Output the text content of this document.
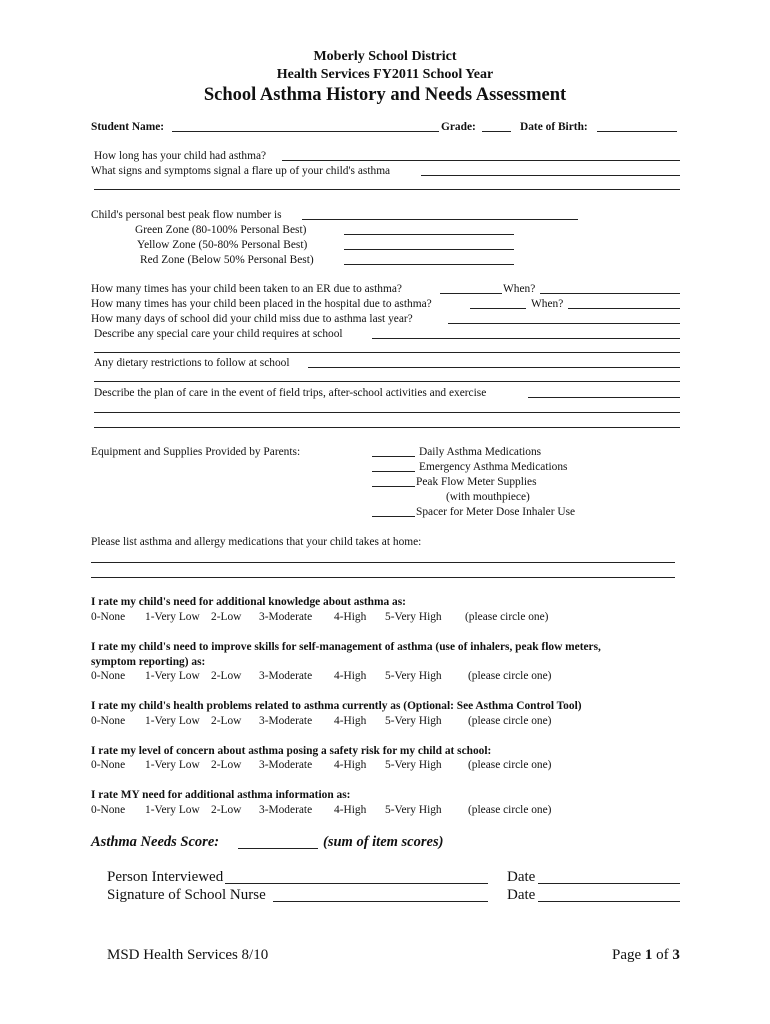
Moberly School District
Health Services FY2011 School Year
School Asthma History and Needs Assessment
Student Name:	Grade:	Date of Birth:
How long has your child had asthma?
What signs and symptoms signal a flare up of your child's asthma
Child's personal best peak flow number is
Green Zone (80-100% Personal Best)
Yellow Zone (50-80% Personal Best)
Red Zone (Below 50% Personal Best)
How many times has your child been taken to an ER due to asthma?	When?
How many times has your child been placed in the hospital due to asthma?	When?
How many days of school did your child miss due to asthma last year?
Describe any special care your child requires at school
Any dietary restrictions to follow at school
Describe the plan of care in the event of field trips, after-school activities and exercise
Equipment and Supplies Provided by Parents:	Daily Asthma Medications
Emergency Asthma Medications
Peak Flow Meter Supplies
(with mouthpiece)
Spacer for Meter Dose Inhaler Use
Please list asthma and allergy medications that your child takes at home:
I rate my child's need for additional knowledge about asthma as:
0-None 1-Very Low 2-Low 3-Moderate 4-High 5-Very High (please circle one)
I rate my child's need to improve skills for self-management of asthma (use of inhalers, peak flow meters,
symptom reporting) as:
0-None 1-Very Low 2-Low 3-Moderate 4-High 5-Very High (please circle one)
I rate my child's health problems related to asthma currently as (Optional: See Asthma Control Tool)
0-None 1-Very Low 2-Low 3-Moderate 4-High 5-Very High (please circle one)
I rate my level of concern about asthma posing a safety risk for my child at school:
0-None 1-Very Low 2-Low 3-Moderate 4-High 5-Very High (please circle one)
I rate MY need for additional asthma information as:
0-None 1-Very Low 2-Low 3-Moderate 4-High 5-Very High (please circle one)
Asthma Needs Score:	(sum of item scores)
Person Interviewed	Date
Signature of School Nurse	Date
MSD Health Services 8/10	Page 1 of 3
